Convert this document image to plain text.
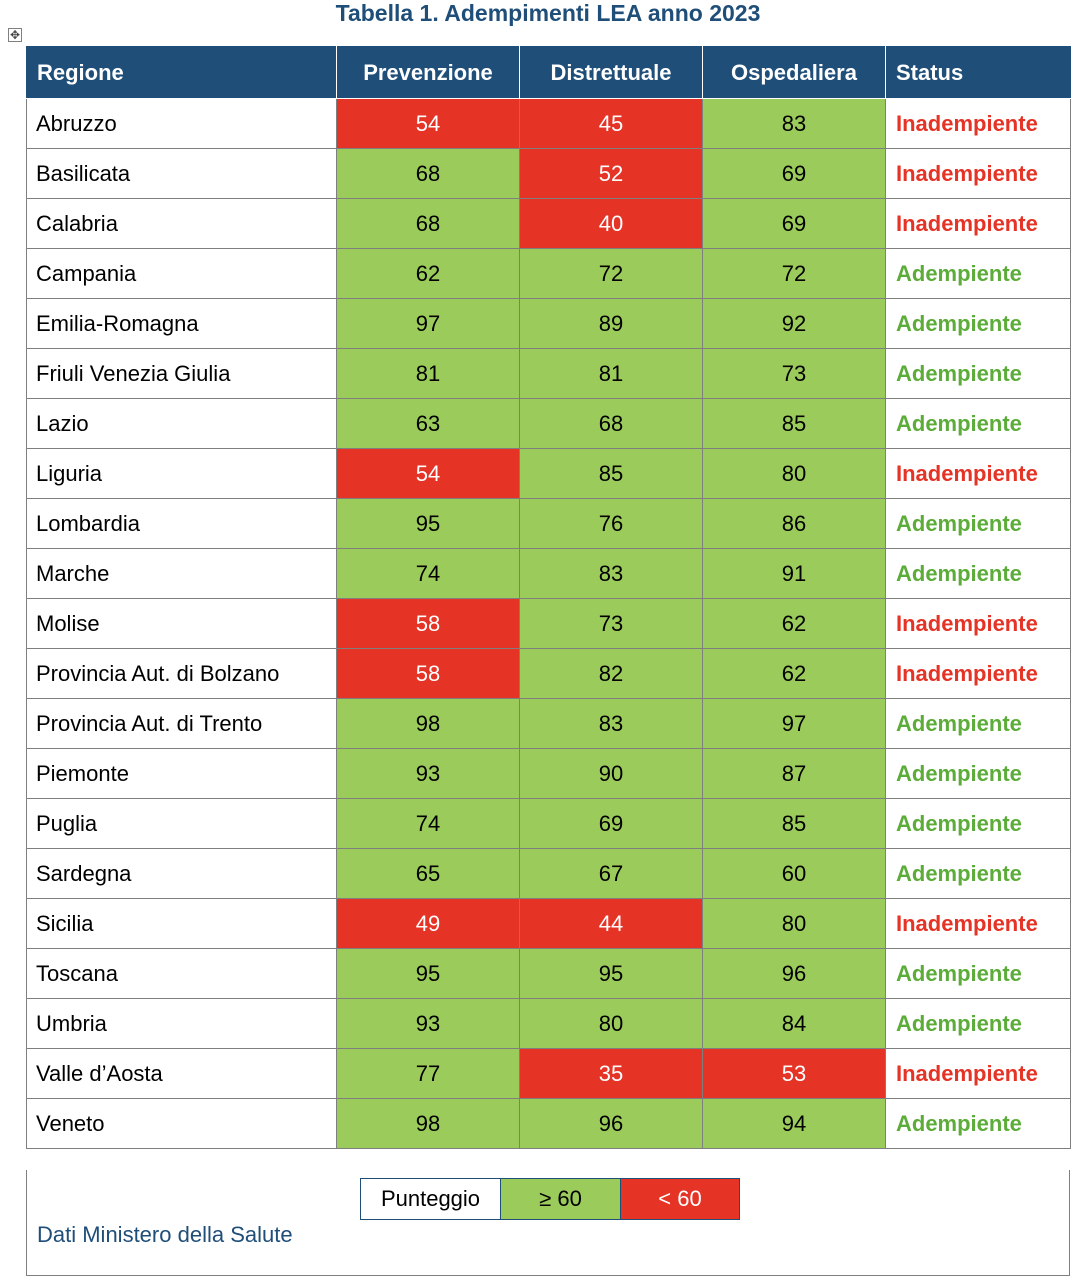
Tabella 1. Adempimenti LEA anno 2023
✥
Regione	Prevenzione	Distrettuale	Ospedaliera	Status
Abruzzo	54	45	83	Inadempiente
Basilicata	68	52	69	Inadempiente
Calabria	68	40	69	Inadempiente
Campania	62	72	72	Adempiente
Emilia-Romagna	97	89	92	Adempiente
Friuli Venezia Giulia	81	81	73	Adempiente
Lazio	63	68	85	Adempiente
Liguria	54	85	80	Inadempiente
Lombardia	95	76	86	Adempiente
Marche	74	83	91	Adempiente
Molise	58	73	62	Inadempiente
Provincia Aut. di Bolzano	58	82	62	Inadempiente
Provincia Aut. di Trento	98	83	97	Adempiente
Piemonte	93	90	87	Adempiente
Puglia	74	69	85	Adempiente
Sardegna	65	67	60	Adempiente
Sicilia	49	44	80	Inadempiente
Toscana	95	95	96	Adempiente
Umbria	93	80	84	Adempiente
Valle d’Aosta	77	35	53	Inadempiente
Veneto	98	96	94	Adempiente
Punteggio	≥ 60	< 60
Dati Ministero della Salute
